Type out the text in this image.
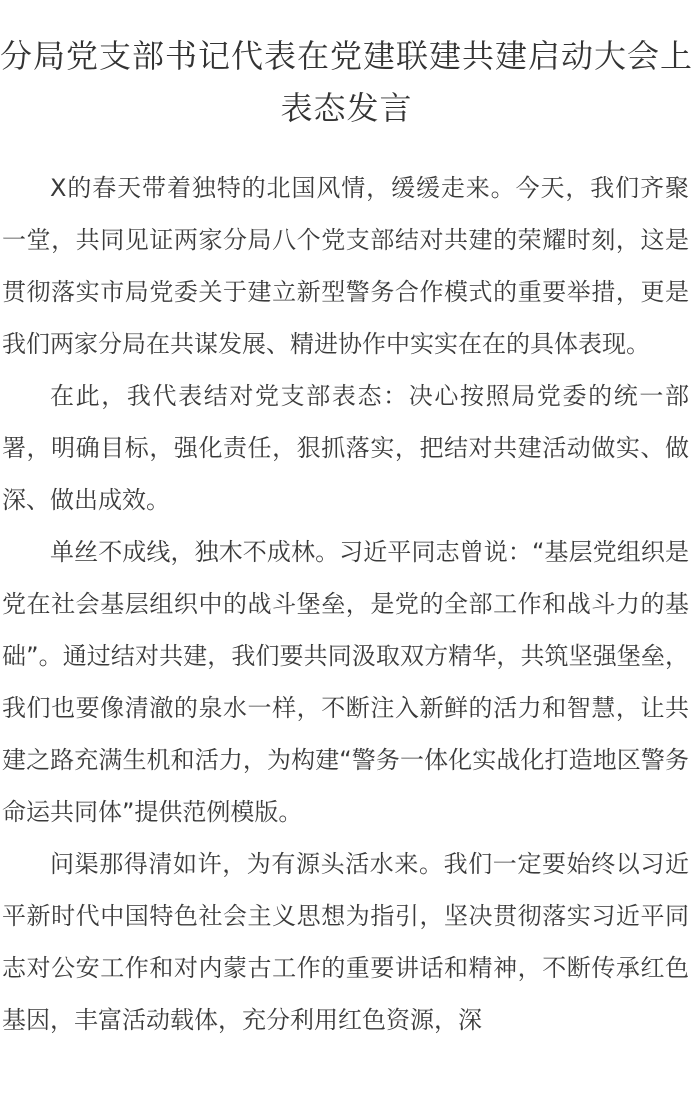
分局党支部书记代表在党建联建共建启动大会上表态发言

X的春天带着独特的北国风情，缓缓走来。今天，我们齐聚一堂，共同见证两家分局八个党支部结对共建的荣耀时刻，这是贯彻落实市局党委关于建立新型警务合作模式的重要举措，更是我们两家分局在共谋发展、精进协作中实实在在的具体表现。

在此，我代表结对党支部表态：决心按照局党委的统一部署，明确目标，强化责任，狠抓落实，把结对共建活动做实、做深、做出成效。

单丝不成线，独木不成林。习近平同志曾说：“基层党组织是党在社会基层组织中的战斗堡垒，是党的全部工作和战斗力的基础”。通过结对共建，我们要共同汲取双方精华，共筑坚强堡垒，我们也要像清澈的泉水一样，不断注入新鲜的活力和智慧，让共建之路充满生机和活力，为构建“警务一体化实战化打造地区警务命运共同体”提供范例模版。

问渠那得清如许，为有源头活水来。我们一定要始终以习近平新时代中国特色社会主义思想为指引，坚决贯彻落实习近平同志对公安工作和对内蒙古工作的重要讲话和精神，不断传承红色基因，丰富活动载体，充分利用红色资源，深
